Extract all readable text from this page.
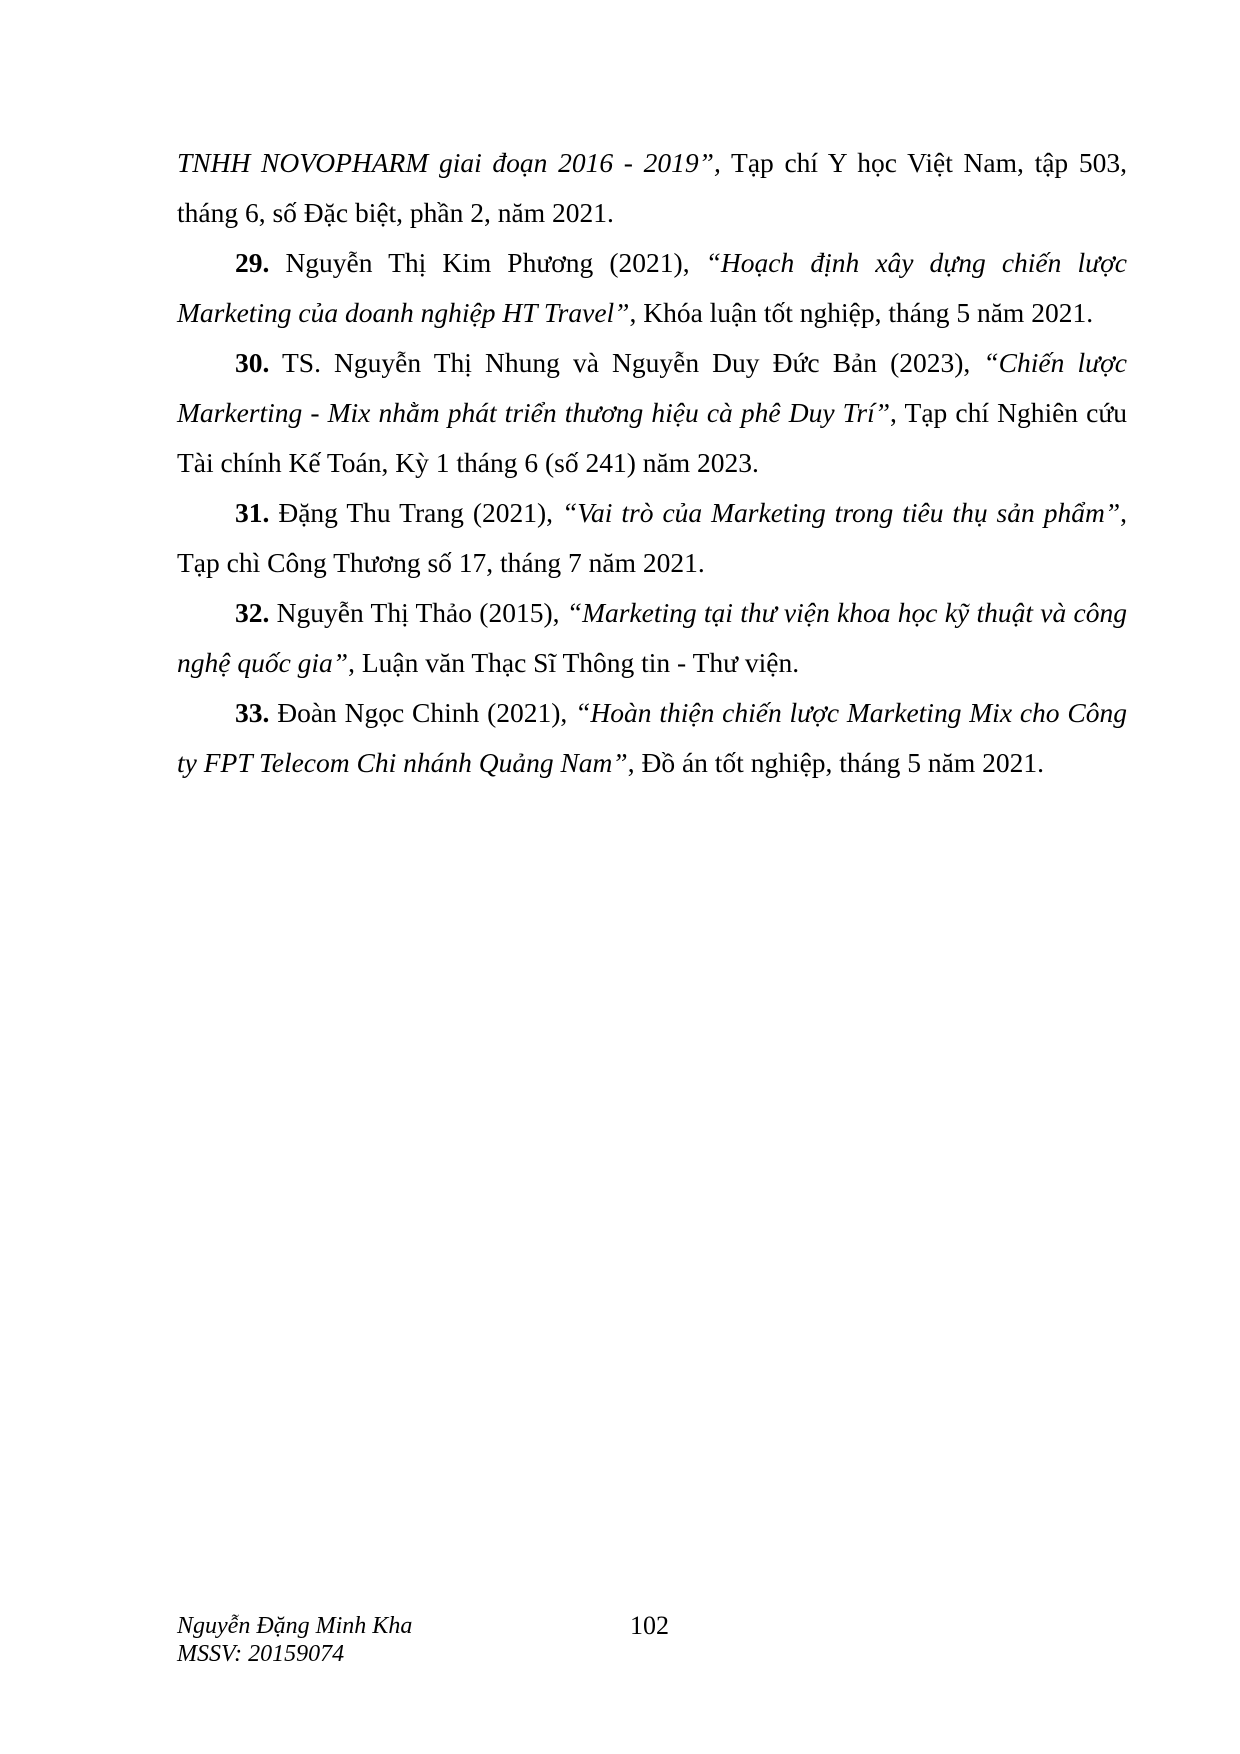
TNHH NOVOPHARM giai đoạn 2016 - 2019”, Tạp chí Y học Việt Nam, tập 503, tháng 6, số Đặc biệt, phần 2, năm 2021.

29. Nguyễn Thị Kim Phương (2021), “Hoạch định xây dựng chiến lược Marketing của doanh nghiệp HT Travel”, Khóa luận tốt nghiệp, tháng 5 năm 2021.

30. TS. Nguyễn Thị Nhung và Nguyễn Duy Đức Bản (2023), “Chiến lược Markerting - Mix nhằm phát triển thương hiệu cà phê Duy Trí”, Tạp chí Nghiên cứu Tài chính Kế Toán, Kỳ 1 tháng 6 (số 241) năm 2023.

31. Đặng Thu Trang (2021), “Vai trò của Marketing trong tiêu thụ sản phẩm”, Tạp chì Công Thương số 17, tháng 7 năm 2021.

32. Nguyễn Thị Thảo (2015), “Marketing tại thư viện khoa học kỹ thuật và công nghệ quốc gia”, Luận văn Thạc Sĩ Thông tin - Thư viện.

33. Đoàn Ngọc Chinh (2021), “Hoàn thiện chiến lược Marketing Mix cho Công ty FPT Telecom Chi nhánh Quảng Nam”, Đồ án tốt nghiệp, tháng 5 năm 2021.

Nguyễn Đặng Minh Kha
MSSV: 20159074
102
